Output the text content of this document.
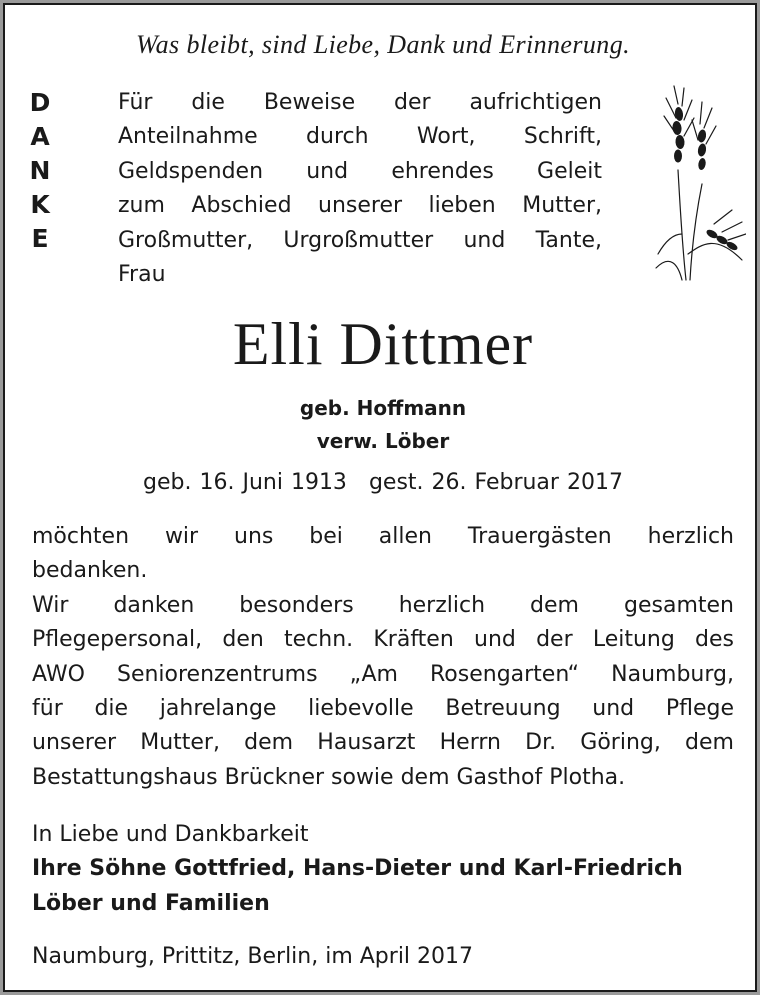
Was bleibt, sind Liebe, Dank und Erinnerung.
D
A
N
K
E
Für die Beweise der aufrichtigen
Anteilnahme durch Wort, Schrift,
Geldspenden und ehrendes Geleit
zum Abschied unserer lieben Mutter,
Großmutter, Urgroßmutter und Tante,
Frau
Elli Dittmer
geb. Hoffmann
verw. Löber
geb. 16. Juni 1913 gest. 26. Februar 2017
möchten wir uns bei allen Trauergästen herzlich
bedanken.
Wir danken besonders herzlich dem gesamten
Pflegepersonal, den techn. Kräften und der Leitung des
AWO Seniorenzentrums „Am Rosengarten“ Naumburg,
für die jahrelange liebevolle Betreuung und Pflege
unserer Mutter, dem Hausarzt Herrn Dr. Göring, dem
Bestattungshaus Brückner sowie dem Gasthof Plotha.
In Liebe und Dankbarkeit
Ihre Söhne Gottfried, Hans-Dieter und Karl-Friedrich
Löber und Familien
Naumburg, Prittitz, Berlin, im April 2017
